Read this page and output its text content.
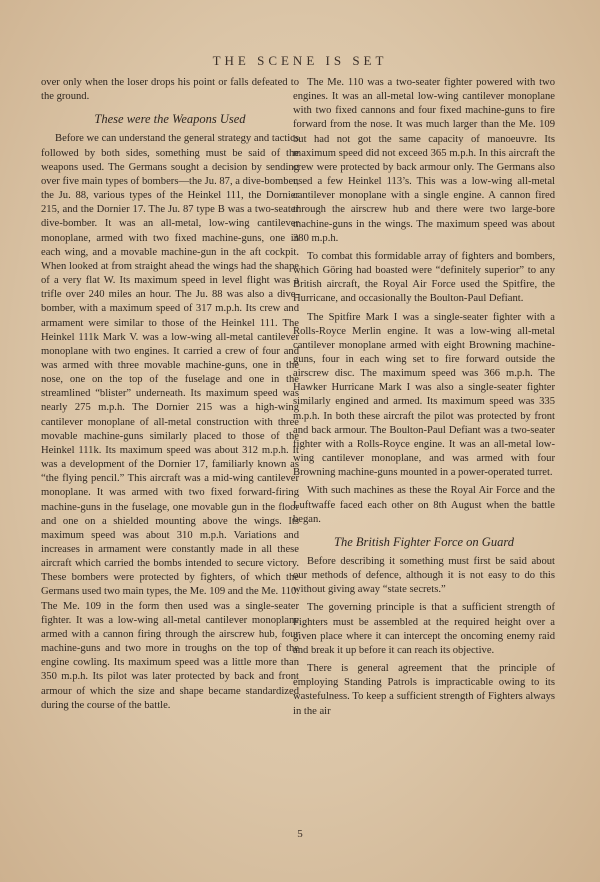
THE SCENE IS SET

over only when the loser drops his point or falls defeated to the ground.

These were the Weapons Used

Before we can understand the general strategy and tactics followed by both sides, something must be said of the weapons used. The Germans sought a decision by sending over five main types of bombers—the Ju. 87, a dive-bomber, the Ju. 88, various types of the Heinkel 111, the Dornier 215, and the Dornier 17. The Ju. 87 type B was a two-seater dive-bomber. It was an all-metal, low-wing cantilever monoplane, armed with two fixed machine-guns, one in each wing, and a movable machine-gun in the aft cockpit. When looked at from straight ahead the wings had the shape of a very flat W. Its maximum speed in level flight was a trifle over 240 miles an hour. The Ju. 88 was also a dive-bomber, with a maximum speed of 317 m.p.h. Its crew and armament were similar to those of the Heinkel 111. The Heinkel 111k Mark V. was a low-wing all-metal cantilever monoplane with two engines. It carried a crew of four and was armed with three movable machine-guns, one in the nose, one on the top of the fuselage and one in the streamlined “blister” underneath. Its maximum speed was nearly 275 m.p.h. The Dornier 215 was a high-wing cantilever monoplane of all-metal construction with three movable machine-guns similarly placed to those of the Heinkel 111k. Its maximum speed was about 312 m.p.h. It was a development of the Dornier 17, familiarly known as “the flying pencil.” This aircraft was a mid-wing cantilever monoplane. It was armed with two fixed forward-firing machine-guns in the fuselage, one movable gun in the floor and one on a shielded mounting above the wings. Its maximum speed was about 310 m.p.h. Variations and increases in armament were constantly made in all these aircraft which carried the bombs intended to secure victory. These bombers were protected by fighters, of which the Germans used two main types, the Me. 109 and the Me. 110. The Me. 109 in the form then used was a single-seater fighter. It was a low-wing all-metal cantilever monoplane armed with a cannon firing through the airscrew hub, four machine-guns and two more in troughs on the top of the engine cowling. Its maximum speed was a little more than 350 m.p.h. Its pilot was later protected by back and front armour of which the size and shape became standardized during the course of the battle.

The Me. 110 was a two-seater fighter powered with two engines. It was an all-metal low-wing cantilever monoplane with two fixed cannons and four fixed machine-guns to fire forward from the nose. It was much larger than the Me. 109 but had not got the same capacity of manoeuvre. Its maximum speed did not exceed 365 m.p.h. In this aircraft the crew were protected by back armour only. The Germans also used a few Heinkel 113’s. This was a low-wing all-metal cantilever monoplane with a single engine. A cannon fired through the airscrew hub and there were two large-bore machine-guns in the wings. The maximum speed was about 380 m.p.h.

To combat this formidable array of fighters and bombers, which Göring had boasted were “definitely superior” to any British aircraft, the Royal Air Force used the Spitfire, the Hurricane, and occasionally the Boulton-Paul Defiant.

The Spitfire Mark I was a single-seater fighter with a Rolls-Royce Merlin engine. It was a low-wing all-metal cantilever monoplane armed with eight Browning machine-guns, four in each wing set to fire forward outside the airscrew disc. The maximum speed was 366 m.p.h. The Hawker Hurricane Mark I was also a single-seater fighter similarly engined and armed. Its maximum speed was 335 m.p.h. In both these aircraft the pilot was protected by front and back armour. The Boulton-Paul Defiant was a two-seater fighter with a Rolls-Royce engine. It was an all-metal low-wing cantilever monoplane, and was armed with four Browning machine-guns mounted in a power-operated turret.

With such machines as these the Royal Air Force and the Luftwaffe faced each other on 8th August when the battle began.

The British Fighter Force on Guard

Before describing it something must first be said about our methods of defence, although it is not easy to do this without giving away “state secrets.”

The governing principle is that a sufficient strength of Fighters must be assembled at the required height over a given place where it can intercept the oncoming enemy raid and break it up before it can reach its objective.

There is general agreement that the principle of employing Standing Patrols is impracticable owing to its wastefulness. To keep a sufficient strength of Fighters always in the air

5
